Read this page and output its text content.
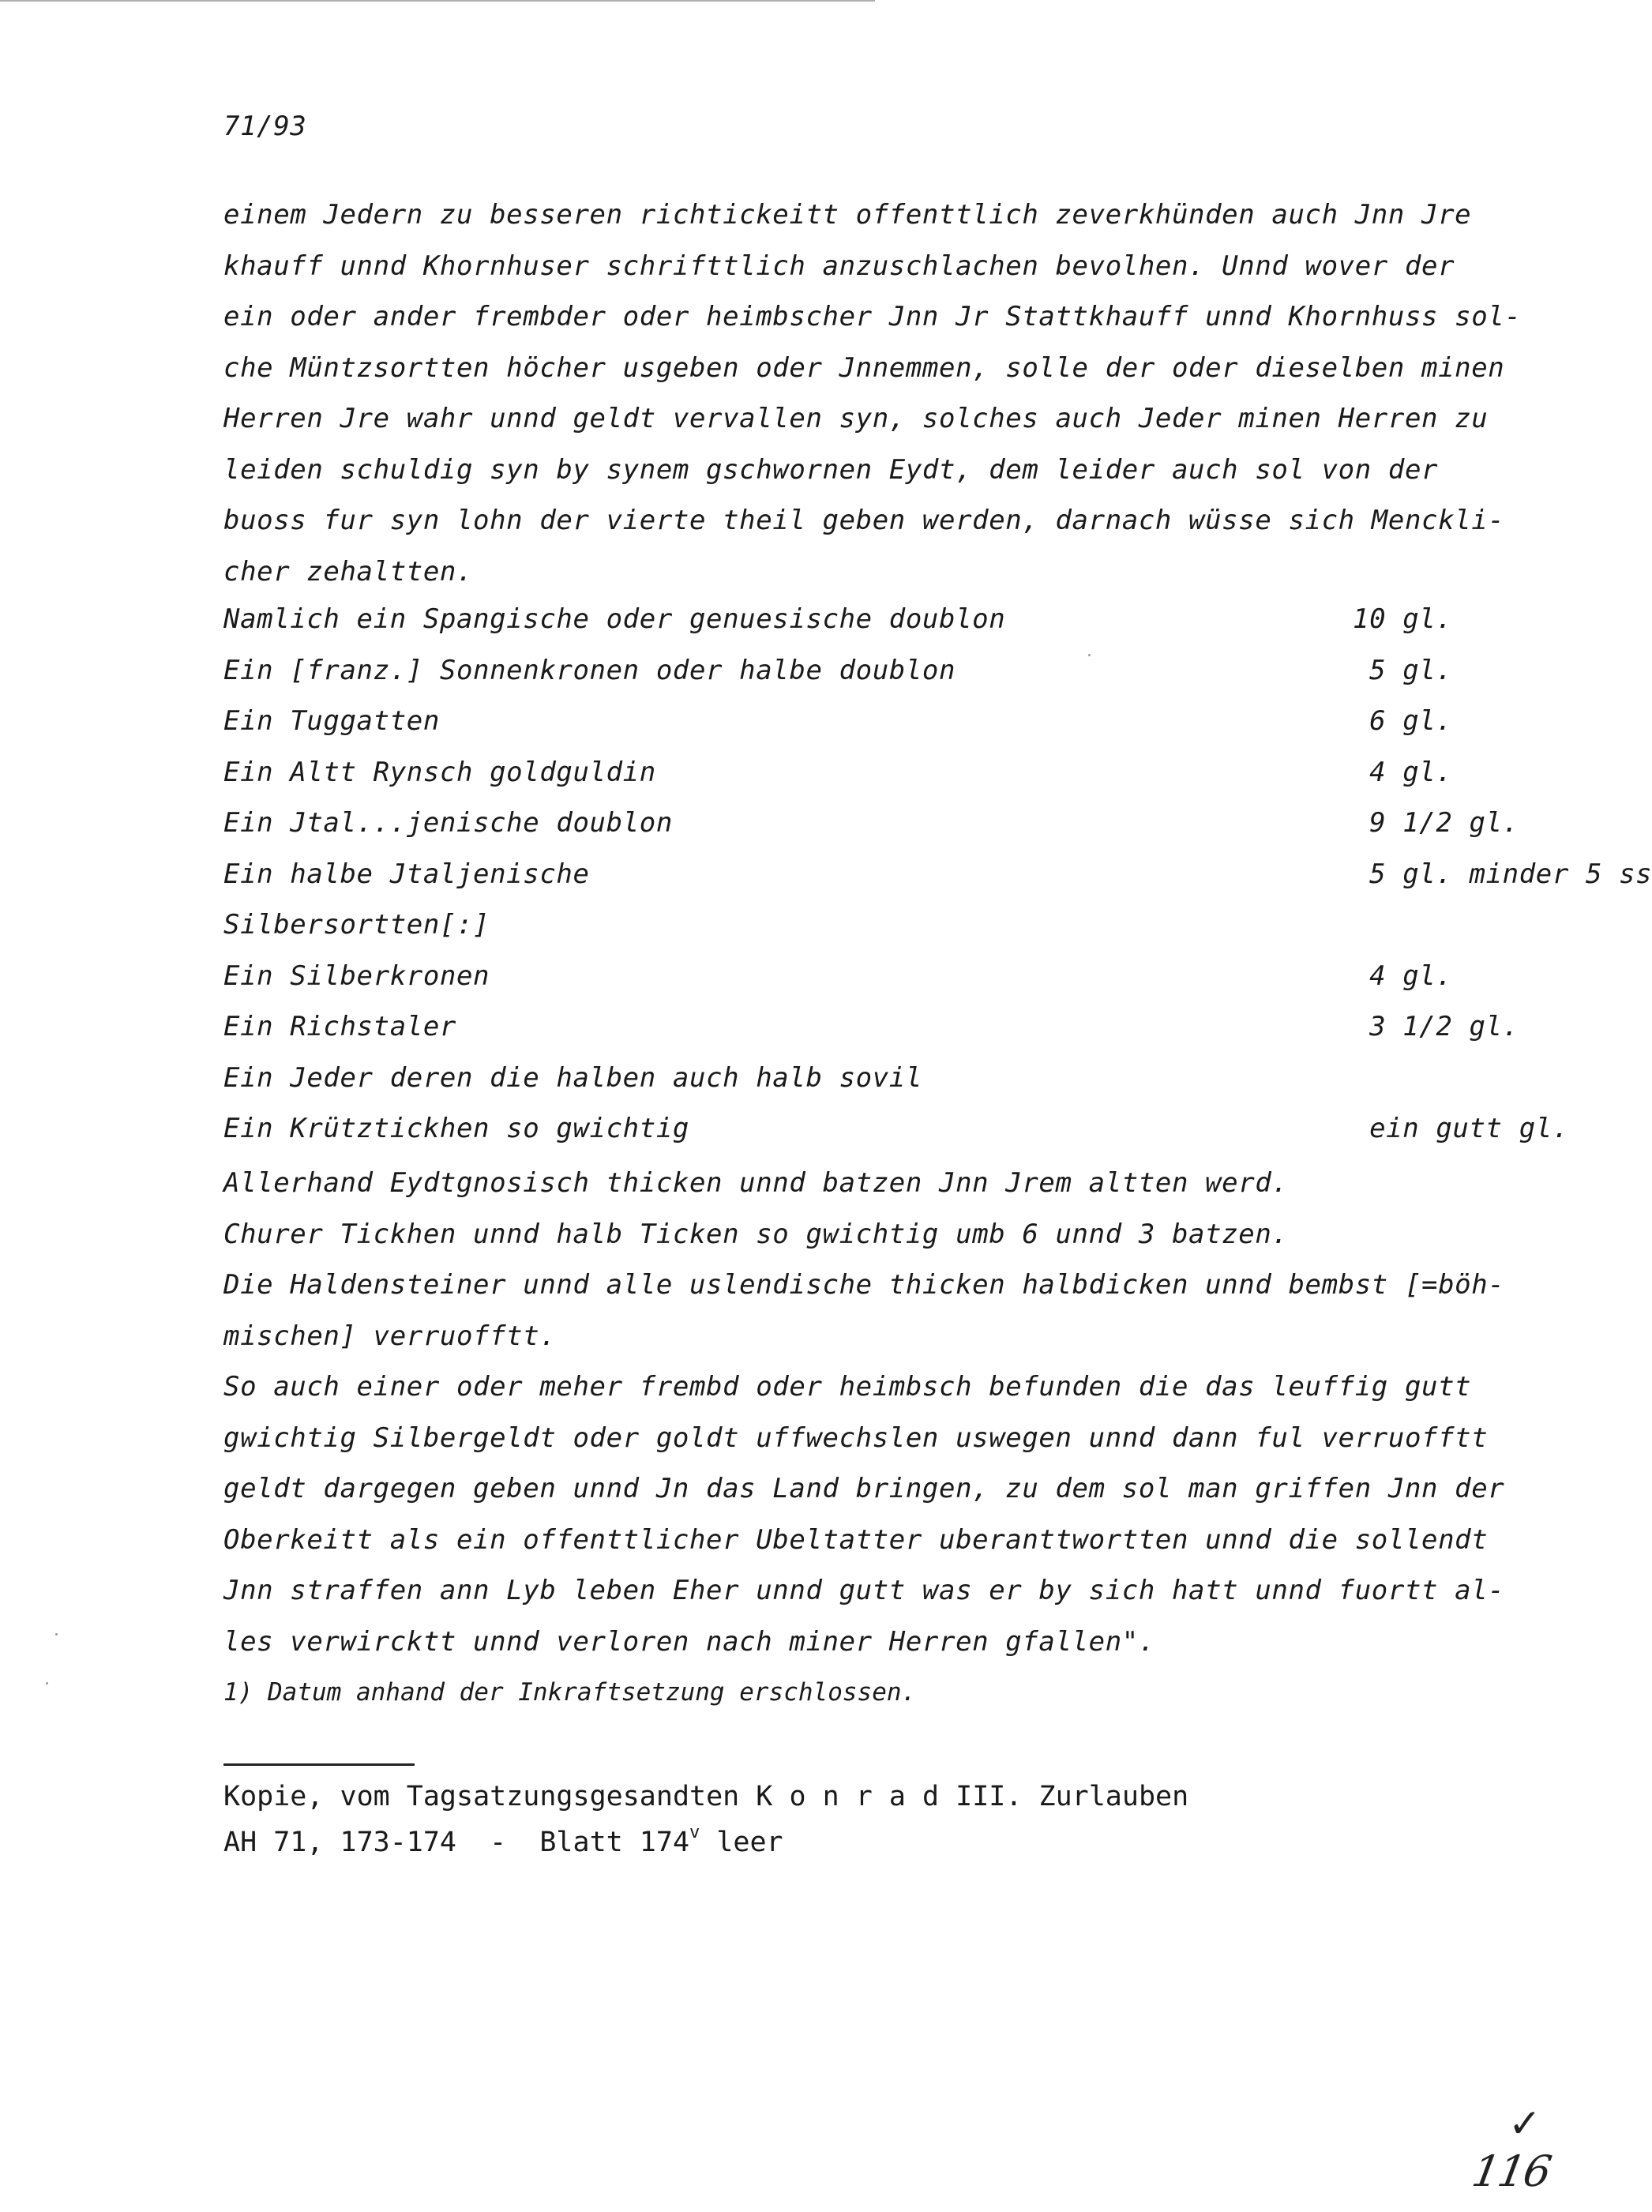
71/93
einem Jedern zu besseren richtickeitt offenttlich zeverkhünden auch Jnn Jre
khauff unnd Khornhuser schrifttlich anzuschlachen bevolhen. Unnd wover der
ein oder ander frembder oder heimbscher Jnn Jr Stattkhauff unnd Khornhuss sol-
che Müntzsortten höcher usgeben oder Jnnemmen, solle der oder dieselben minen
Herren Jre wahr unnd geldt vervallen syn, solches auch Jeder minen Herren zu
leiden schuldig syn by synem gschwornen Eydt, dem leider auch sol von der
buoss fur syn lohn der vierte theil geben werden, darnach wüsse sich Menckli-
cher zehaltten.
Namlich ein Spangische oder genuesische doublon	10 gl.
Ein [franz.] Sonnenkronen oder halbe doublon	5 gl.
Ein Tuggatten	6 gl.
Ein Altt Rynsch goldguldin	4 gl.
Ein Jtal...jenische doublon	9 1/2 gl.
Ein halbe Jtaljenische	5 gl. minder 5 ss
Silbersortten[:]
Ein Silberkronen	4 gl.
Ein Richstaler	3 1/2 gl.
Ein Jeder deren die halben auch halb sovil
Ein Krütztickhen so gwichtig	ein gutt gl.
Allerhand Eydtgnosisch thicken unnd batzen Jnn Jrem altten werd.
Churer Tickhen unnd halb Ticken so gwichtig umb 6 unnd 3 batzen.
Die Haldensteiner unnd alle uslendische thicken halbdicken unnd bembst [=böh-
mischen] verruofftt.
So auch einer oder meher frembd oder heimbsch befunden die das leuffig gutt
gwichtig Silbergeldt oder goldt uffwechslen uswegen unnd dann ful verruofftt
geldt dargegen geben unnd Jn das Land bringen, zu dem sol man griffen Jnn der
Oberkeitt als ein offenttlicher Ubeltatter uberanttwortten unnd die sollendt
Jnn straffen ann Lyb leben Eher unnd gutt was er by sich hatt unnd fuortt al-
les verwircktt unnd verloren nach miner Herren gfallen".
1) Datum anhand der Inkraftsetzung erschlossen.
Kopie, vom Tagsatzungsgesandten K o n r a d III. Zurlauben
AH 71, 173-174  -  Blatt 174$^v$ leer
✓
116
